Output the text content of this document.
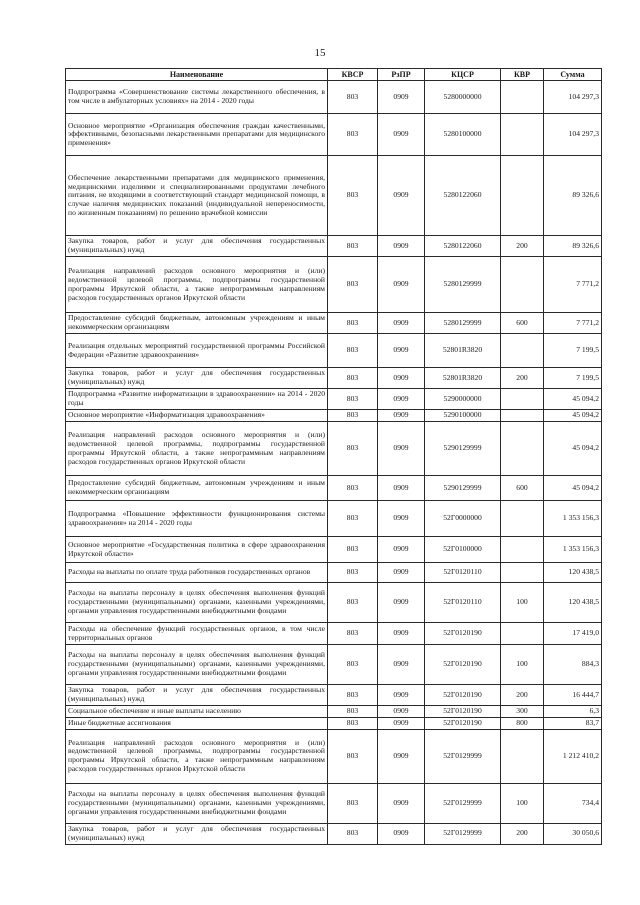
15
Наименование	КВСР	РзПР	КЦСР	КВР	Сумма
Подпрограмма «Совершенствование системы лекарственного обеспечения, в том числе в амбулаторных условиях» на 2014 - 2020 годы	803	0909	5280000000		104 297,3
Основное мероприятие «Организация обеспечения граждан качественными, эффективными, безопасными лекарственными препаратами для медицинского применения»	803	0909	5280100000		104 297,3
Обеспечение лекарственными препаратами для медицинского применения, медицинскими изделиями и специализированными продуктами лечебного питания, не входящими в соответствующий стандарт медицинской помощи, в случае наличия медицинских показаний (индивидуальной непереносимости, по жизненным показаниям) по решению врачебной комиссии	803	0909	5280122060		89 326,6
Закупка товаров, работ и услуг для обеспечения государственных (муниципальных) нужд	803	0909	5280122060	200	89 326,6
Реализация направлений расходов основного мероприятия и (или) ведомственной целевой программы, подпрограммы государственной программы Иркутской области, а также непрограммным направлениям расходов государственных органов Иркутской области	803	0909	5280129999		7 771,2
Предоставление субсидий бюджетным, автономным учреждениям и иным некоммерческим организациям	803	0909	5280129999	600	7 771,2
Реализация отдельных мероприятий государственной программы Российской Федерации «Развитие здравоохранения»	803	0909	52801R3820		7 199,5
Закупка товаров, работ и услуг для обеспечения государственных (муниципальных) нужд	803	0909	52801R3820	200	7 199,5
Подпрограмма «Развитие информатизации в здравоохранении» на 2014 - 2020 годы	803	0909	5290000000		45 094,2
Основное мероприятие «Информатизация здравоохранения»	803	0909	5290100000		45 094,2
Реализация направлений расходов основного мероприятия и (или) ведомственной целевой программы, подпрограммы государственной программы Иркутской области, а также непрограммным направлениям расходов государственных органов Иркутской области	803	0909	5290129999		45 094,2
Предоставление субсидий бюджетным, автономным учреждениям и иным некоммерческим организациям	803	0909	5290129999	600	45 094,2
Подпрограмма «Повышение эффективности функционирования системы здравоохранения» на 2014 - 2020 годы	803	0909	52Г0000000		1 353 156,3
Основное мероприятие «Государственная политика в сфере здравоохранения Иркутской области»	803	0909	52Г0100000		1 353 156,3
Расходы на выплаты по оплате труда работников государственных органов	803	0909	52Г0120110		120 438,5
Расходы на выплаты персоналу в целях обеспечения выполнения функций государственными (муниципальными) органами, казенными учреждениями, органами управления государственными внебюджетными фондами	803	0909	52Г0120110	100	120 438,5
Расходы на обеспечение функций государственных органов, в том числе территориальных органов	803	0909	52Г0120190		17 419,0
Расходы на выплаты персоналу в целях обеспечения выполнения функций государственными (муниципальными) органами, казенными учреждениями, органами управления государственными внебюджетными фондами	803	0909	52Г0120190	100	884,3
Закупка товаров, работ и услуг для обеспечения государственных (муниципальных) нужд	803	0909	52Г0120190	200	16 444,7
Социальное обеспечение и иные выплаты населению	803	0909	52Г0120190	300	6,3
Иные бюджетные ассигнования	803	0909	52Г0120190	800	83,7
Реализация направлений расходов основного мероприятия и (или) ведомственной целевой программы, подпрограммы государственной программы Иркутской области, а также непрограммным направлениям расходов государственных органов Иркутской области	803	0909	52Г0129999		1 212 410,2
Расходы на выплаты персоналу в целях обеспечения выполнения функций государственными (муниципальными) органами, казенными учреждениями, органами управления государственными внебюджетными фондами	803	0909	52Г0129999	100	734,4
Закупка товаров, работ и услуг для обеспечения государственных (муниципальных) нужд	803	0909	52Г0129999	200	30 050,6
